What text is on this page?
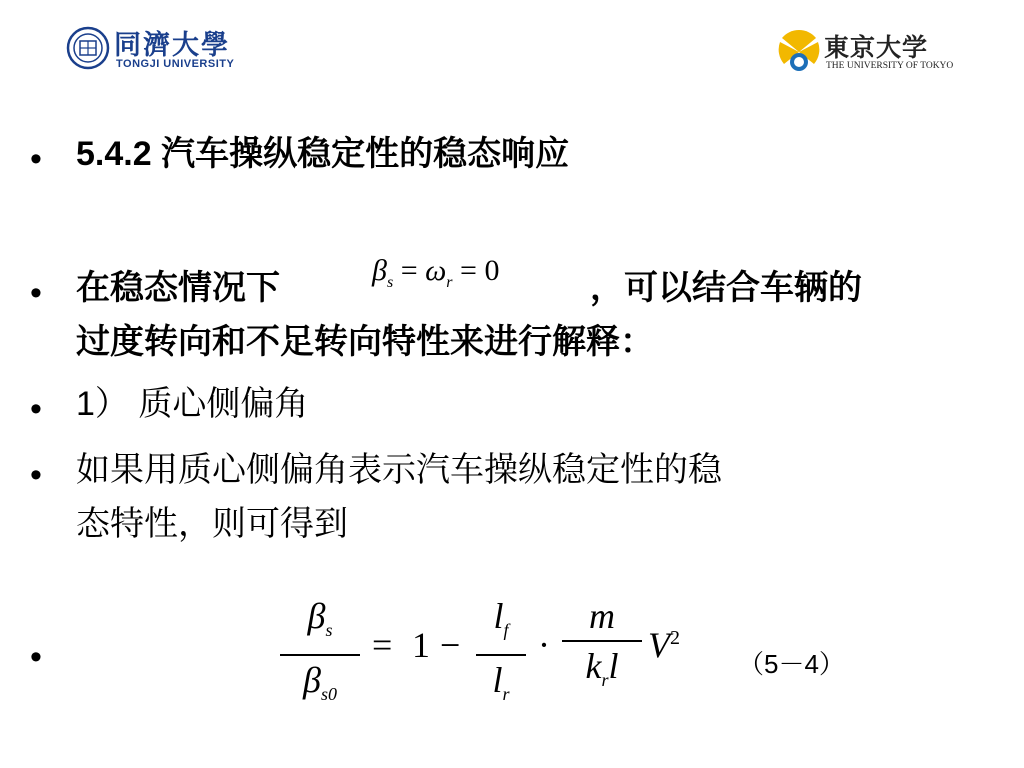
同濟大學
TONGJI UNIVERSITY
東京大学
THE UNIVERSITY OF TOKYO
• 5.4.2 汽车操纵稳定性的稳态响应
• 在稳态情况下	$\beta_s = \omega_r = 0$	，可以结合车辆的
过度转向和不足转向特性来进行解释：
• 1） 质心侧偏角
• 如果用质心侧偏角表示汽车操纵稳定性的稳
态特性，则可得到
•
$\beta_s$
$\beta_{s0}$
= 1 −
$l_f$
$l_r$
·
m
$k_rl$
$V^2$
（5－4）
